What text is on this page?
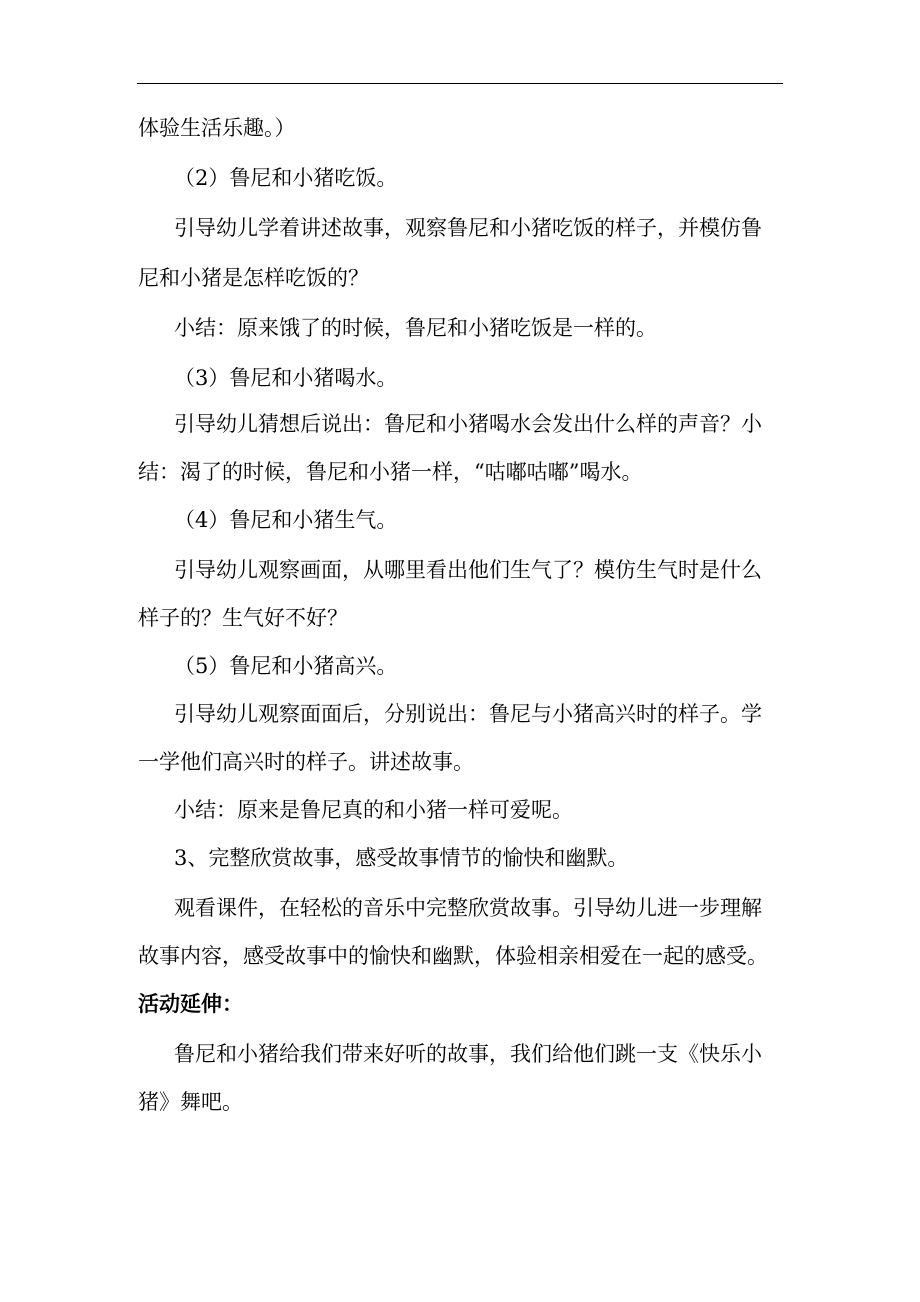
体验生活乐趣。）
（2）鲁尼和小猪吃饭。
引导幼儿学着讲述故事，观察鲁尼和小猪吃饭的样子，并模仿鲁
尼和小猪是怎样吃饭的？
小结：原来饿了的时候，鲁尼和小猪吃饭是一样的。
（3）鲁尼和小猪喝水。
引导幼儿猜想后说出：鲁尼和小猪喝水会发出什么样的声音？小
结：渴了的时候，鲁尼和小猪一样，“咕嘟咕嘟”喝水。
（4）鲁尼和小猪生气。
引导幼儿观察画面，从哪里看出他们生气了？模仿生气时是什么
样子的？生气好不好？
（5）鲁尼和小猪高兴。
引导幼儿观察面面后，分别说出：鲁尼与小猪高兴时的样子。学
一学他们高兴时的样子。讲述故事。
小结：原来是鲁尼真的和小猪一样可爱呢。
3、完整欣赏故事，感受故事情节的愉快和幽默。
观看课件，在轻松的音乐中完整欣赏故事。引导幼儿进一步理解
故事内容，感受故事中的愉快和幽默，体验相亲相爱在一起的感受。
活动延伸：
鲁尼和小猪给我们带来好听的故事，我们给他们跳一支《快乐小
猪》舞吧。
